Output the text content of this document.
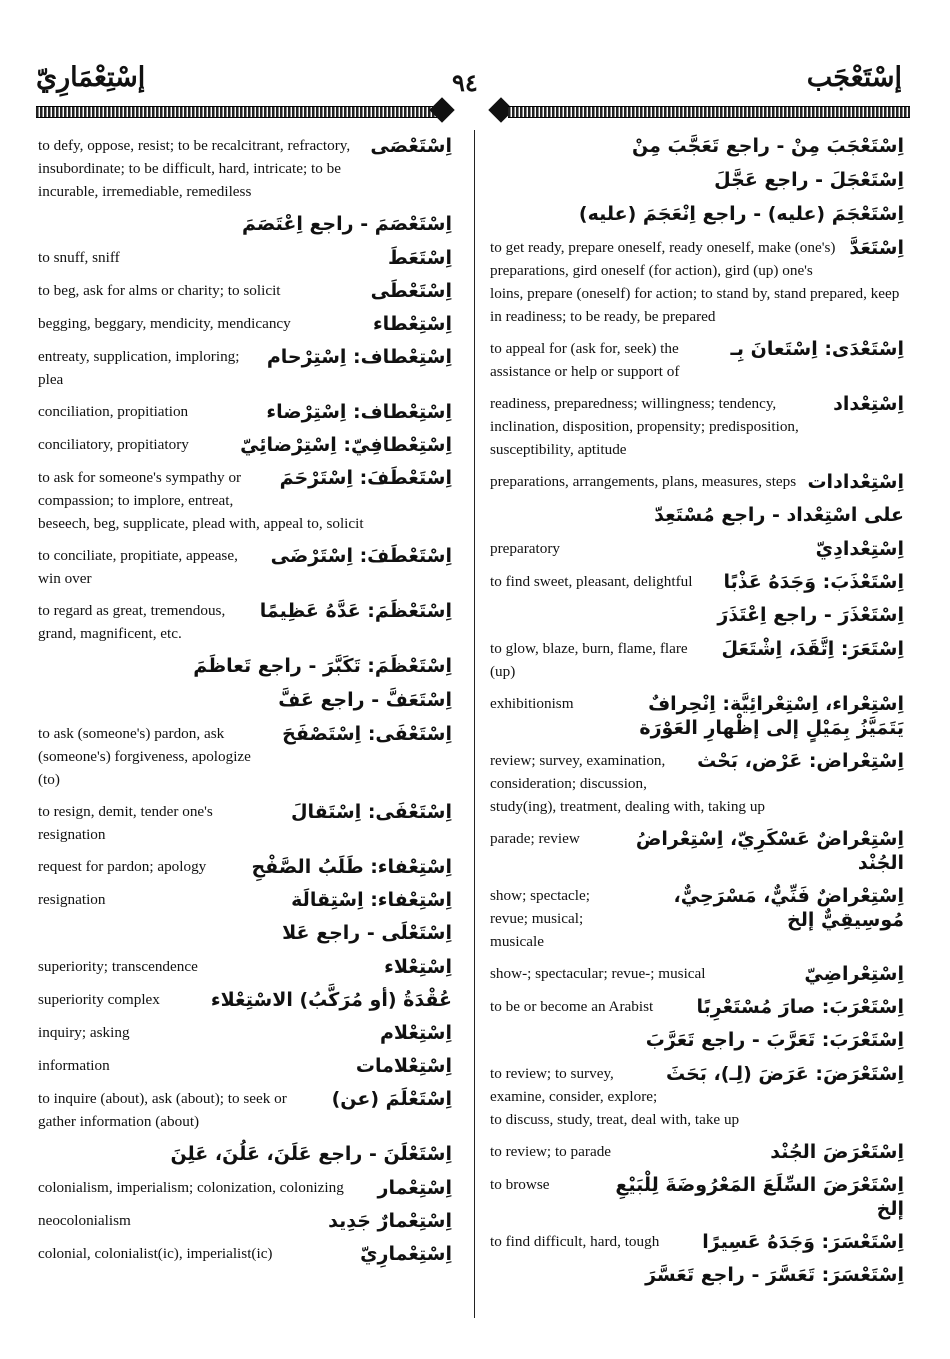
إسْتِعْمَارِيّ	٩٤	إسْتَعْجَب
اِسْتَعْصَى
to defy, oppose, resist; to be recalcitrant, refractory, insubordinate; to be difficult, hard, intricate; to be incurable, irremediable, remediless
اِسْتَعْصَمَ - راجع اِعْتَصَمَ
اِسْتَعَطَ
to snuff, sniff
اِسْتَعْطَى
to beg, ask for alms or charity; to solicit
اِسْتِعْطاء
begging, beggary, mendicity, mendicancy
اِسْتِعْطاف: اِسْتِرْحام
entreaty, supplication, imploring; plea
اِسْتِعْطاف: اِسْتِرْضاء
conciliation, propitiation
اِسْتِعْطافِيّ: اِسْتِرْضائِيّ
conciliatory, propitiatory
اِسْتَعْطَفَ: اِسْتَرْحَمَ
to ask for someone's sympathy or compassion; to implore, entreat, beseech, beg, supplicate, plead with, appeal to, solicit
اِسْتَعْطَفَ: اِسْتَرْضَى
to conciliate, propitiate, appease, win over
اِسْتَعْظَمَ: عَدَّهُ عَظِيمًا
to regard as great, tremendous, grand, magnificent, etc.
اِسْتَعْظَمَ: تَكَبَّرَ - راجع تَعاظَمَ
اِسْتَعَفَّ - راجع عَفَّ
اِسْتَعْفَى: اِسْتَصْفَحَ
to ask (someone's) pardon, ask (someone's) forgiveness, apologize (to)
اِسْتَعْفَى: اِسْتَقالَ
to resign, demit, tender one's resignation
اِسْتِعْفاء: طَلَبُ الصَّفْحِ
request for pardon; apology
اِسْتِعْفاء: اِسْتِقالَة
resignation
اِسْتَعْلَى - راجع عَلا
اِسْتِعْلاء
superiority; transcendence
عُقْدَةُ (أو مُرَكَّبُ) الاسْتِعْلاء
superiority complex
اِسْتِعْلام
inquiry; asking
اِسْتِعْلامات
information
اِسْتَعْلَمَ (عن)
to inquire (about), ask (about); to seek or gather information (about)
اِسْتَعْلَنَ - راجع عَلَنَ، عَلُنَ، عَلِنَ
اِسْتِعْمار
colonialism, imperialism; colonization, colonizing
اِسْتِعْمارٌ جَدِيد
neocolonialism
اِسْتِعْمارِيّ
colonial, colonialist(ic), imperialist(ic)
اِسْتَعْجَبَ مِنْ - راجع تَعَجَّبَ مِنْ
اِسْتَعْجَلَ - راجع عَجَّلَ
اِسْتَعْجَمَ (عليه) - راجع اِنْعَجَمَ (عليه)
اِسْتَعَدَّ
to get ready, prepare oneself, ready oneself, make (one's) preparations, gird oneself (for action), gird (up) one's loins, prepare (oneself) for action; to stand by, stand prepared, keep in readiness; to be ready, be prepared
اِسْتَعْدَى: اِسْتَعانَ بِـ
to appeal for (ask for, seek) the assistance or help or support of
اِسْتِعْداد
readiness, preparedness; willingness; tendency, inclination, disposition, propensity; predisposition, susceptibility, aptitude
اِسْتِعْدادات
preparations, arrangements, plans, measures, steps
على اسْتِعْداد - راجع مُسْتَعِدّ
اِسْتِعْدادِيّ
preparatory
اِسْتَعْذَبَ: وَجَدَهُ عَذْبًا
to find sweet, pleasant, delightful
اِسْتَعْذَرَ - راجع اِعْتَذَرَ
اِسْتَعَرَ: اِتَّقَدَ، اِشْتَعَلَ
to glow, blaze, burn, flame, flare (up)
اِسْتِعْراء، اِسْتِعْرائِيَّة: اِنْحِرافٌ يَتَمَيَّزُ بِمَيْلٍ إلى إظْهارِ العَوْرَة
exhibitionism
اِسْتِعْراض: عَرْض، بَحْث
review; survey, examination, consideration; discussion, study(ing), treatment, dealing with, taking up
اِسْتِعْراضٌ عَسْكَرِيّ، اِسْتِعْراضُ الجُنْد
parade; review
اِسْتِعْراضٌ فَنِّيٌّ، مَسْرَحِيٌّ، مُوسِيقِيٌّ إلخ
show; spectacle; revue; musical; musicale
اِسْتِعْراضِيّ
show-; spectacular; revue-; musical
اِسْتَعْرَبَ: صارَ مُسْتَعْرِبًا
to be or become an Arabist
اِسْتَعْرَبَ: تَعَرَّبَ - راجع تَعَرَّبَ
اِسْتَعْرَضَ: عَرَضَ (لِـ)، بَحَثَ
to review; to survey, examine, consider, explore; to discuss, study, treat, deal with, take up
اِسْتَعْرَضَ الجُنْد
to review; to parade
اِسْتَعْرَضَ السِّلَعَ المَعْرُوضَةَ لِلْبَيْعِ إلخ
to browse
اِسْتَعْسَرَ: وَجَدَهُ عَسِيرًا
to find difficult, hard, tough
اِسْتَعْسَرَ: تَعَسَّرَ - راجع تَعَسَّرَ
